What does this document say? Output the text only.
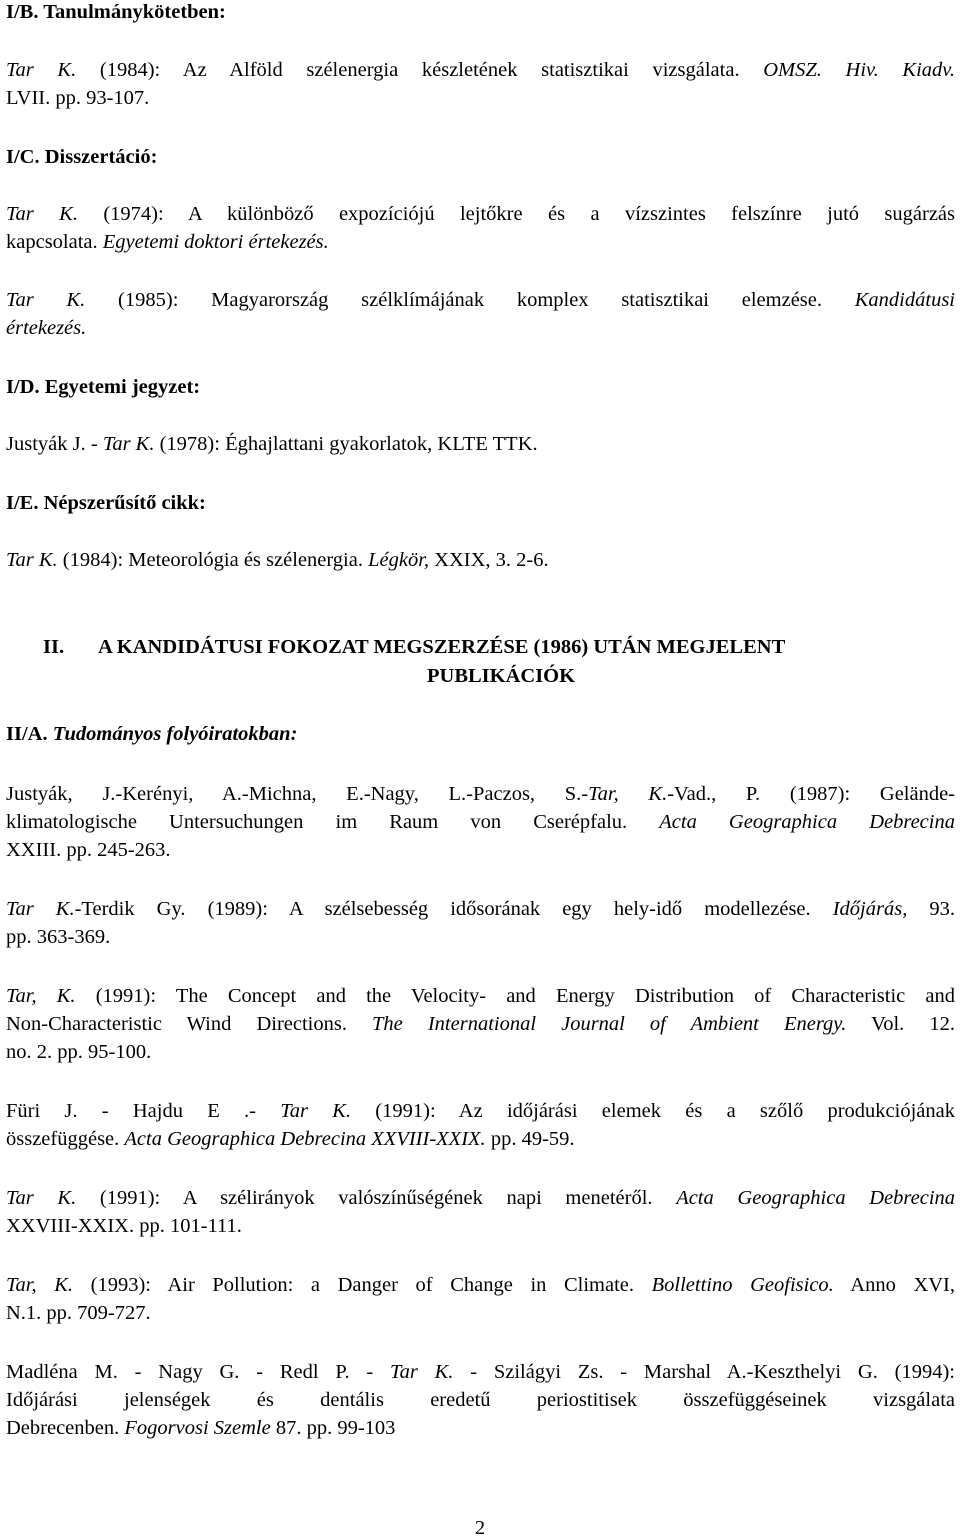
I/B. Tanulmánykötetben:
Tar K. (1984): Az Alföld szélenergia készletének statisztikai vizsgálata. OMSZ. Hiv. Kiadv.
LVII. pp. 93-107.
I/C. Disszertáció:
Tar K. (1974): A különböző expozíciójú lejtőkre és a vízszintes felszínre jutó sugárzás
kapcsolata. Egyetemi doktori értekezés.
Tar K. (1985): Magyarország szélklímájának komplex statisztikai elemzése. Kandidátusi
értekezés.
I/D. Egyetemi jegyzet:
Justyák J. - Tar K. (1978): Éghajlattani gyakorlatok, KLTE TTK.
I/E. Népszerűsítő cikk:
Tar K. (1984): Meteorológia és szélenergia. Légkör, XXIX, 3. 2-6.
II. A KANDIDÁTUSI FOKOZAT MEGSZERZÉSE (1986) UTÁN MEGJELENT
PUBLIKÁCIÓK
II/A. Tudományos folyóiratokban:
Justyák, J.-Kerényi, A.-Michna, E.-Nagy, L.-Paczos, S.-Tar, K.-Vad., P. (1987): Gelände-
klimatologische Untersuchungen im Raum von Cserépfalu. Acta Geographica Debrecina
XXIII. pp. 245-263.
Tar K.-Terdik Gy. (1989): A szélsebesség idősorának egy hely-idő modellezése. Időjárás, 93.
pp. 363-369.
Tar, K. (1991): The Concept and the Velocity- and Energy Distribution of Characteristic and
Non-Characteristic Wind Directions. The International Journal of Ambient Energy. Vol. 12.
no. 2. pp. 95-100.
Füri J. - Hajdu E .- Tar K. (1991): Az időjárási elemek és a szőlő produkciójának
összefüggése. Acta Geographica Debrecina XXVIII-XXIX. pp. 49-59.
Tar K. (1991): A szélirányok valószínűségének napi menetéről. Acta Geographica Debrecina
XXVIII-XXIX. pp. 101-111.
Tar, K. (1993): Air Pollution: a Danger of Change in Climate. Bollettino Geofisico. Anno XVI,
N.1. pp. 709-727.
Madléna M. - Nagy G. - Redl P. - Tar K. - Szilágyi Zs. - Marshal A.-Keszthelyi G. (1994):
Időjárási jelenségek és dentális eredetű periostitisek összefüggéseinek vizsgálata
Debrecenben. Fogorvosi Szemle 87. pp. 99-103
2
